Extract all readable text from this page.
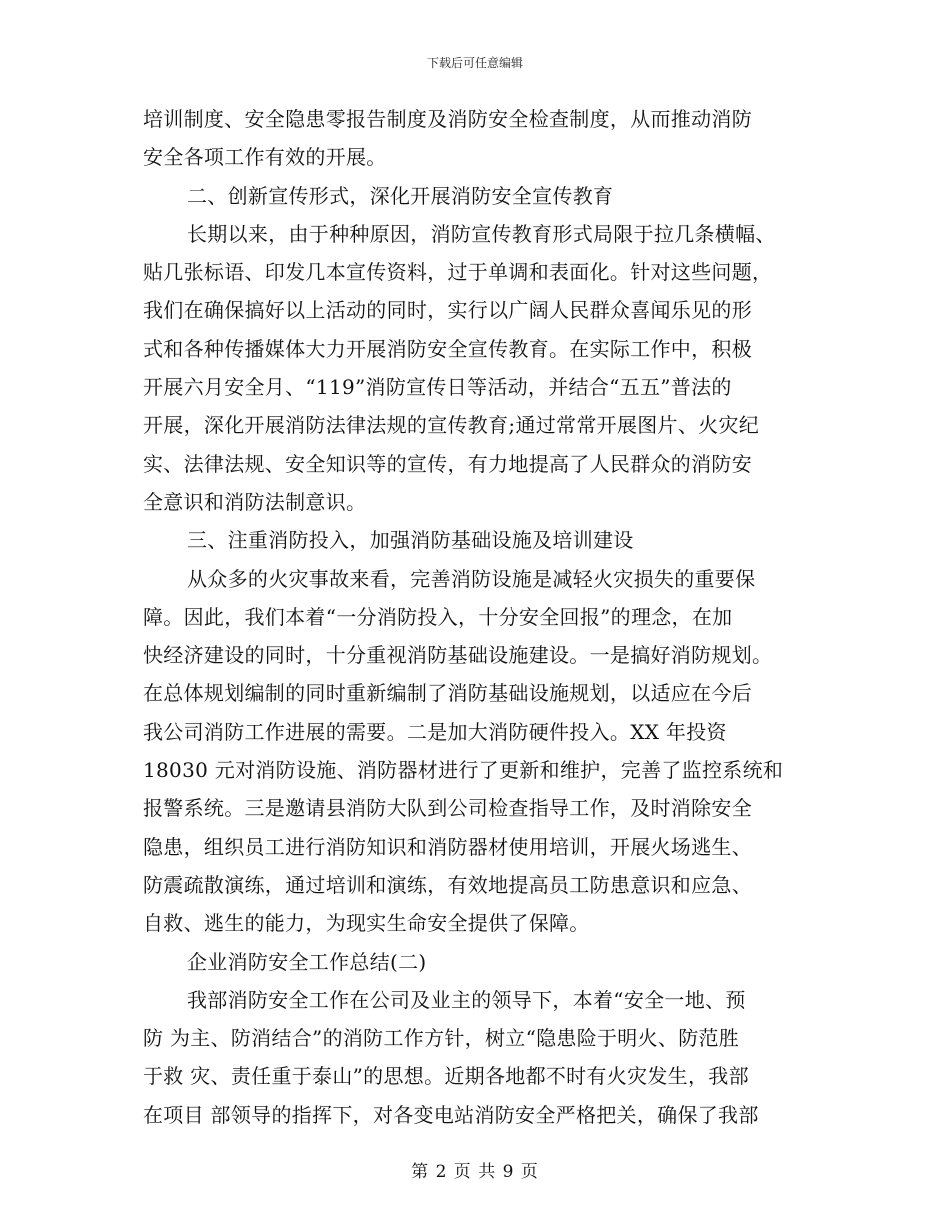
下载后可任意编辑
培训制度、安全隐患零报告制度及消防安全检查制度，从而推动消防
安全各项工作有效的开展。
二、创新宣传形式，深化开展消防安全宣传教育
长期以来，由于种种原因，消防宣传教育形式局限于拉几条横幅、
贴几张标语、印发几本宣传资料，过于单调和表面化。针对这些问题，
我们在确保搞好以上活动的同时，实行以广阔人民群众喜闻乐见的形
式和各种传播媒体大力开展消防安全宣传教育。在实际工作中，积极
开展六月安全月、“119”消防宣传日等活动，并结合“五五”普法的
开展，深化开展消防法律法规的宣传教育;通过常常开展图片、火灾纪
实、法律法规、安全知识等的宣传，有力地提高了人民群众的消防安
全意识和消防法制意识。
三、注重消防投入，加强消防基础设施及培训建设
从众多的火灾事故来看，完善消防设施是减轻火灾损失的重要保
障。因此，我们本着“一分消防投入，十分安全回报”的理念，在加
快经济建设的同时，十分重视消防基础设施建设。一是搞好消防规划。
在总体规划编制的同时重新编制了消防基础设施规划，以适应在今后
我公司消防工作进展的需要。二是加大消防硬件投入。XX 年投资
18030 元对消防设施、消防器材进行了更新和维护，完善了监控系统和
报警系统。三是邀请县消防大队到公司检查指导工作，及时消除安全
隐患，组织员工进行消防知识和消防器材使用培训，开展火场逃生、
防震疏散演练，通过培训和演练，有效地提高员工防患意识和应急、
自救、逃生的能力，为现实生命安全提供了保障。
企业消防安全工作总结(二)
我部消防安全工作在公司及业主的领导下，本着“安全一地、预
防 为主、防消结合”的消防工作方针，树立“隐患险于明火、防范胜
于救 灾、责任重于泰山”的思想。近期各地都不时有火灾发生，我部
在项目 部领导的指挥下，对各变电站消防安全严格把关，确保了我部
第 2 页 共 9 页
